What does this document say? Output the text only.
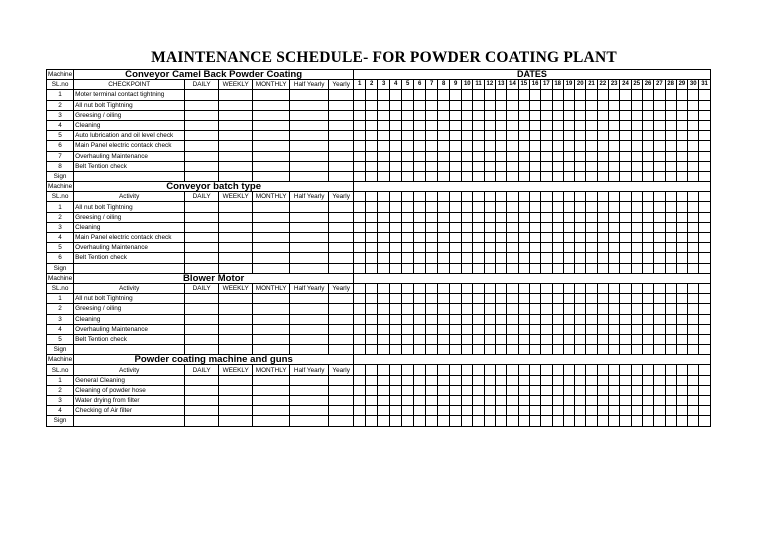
MAINTENANCE SCHEDULE- FOR POWDER COATING PLANT
Machine	Conveyor Camel Back Powder Coating						DATES																														
SL.no	CHECKPOINT	DAILY	WEEKLY	MONTHLY	Half Yearly	Yearly	1	2	3	4	5	6	7	8	9	10	11	12	13	14	15	16	17	18	19	20	21	22	23	24	25	26	27	28	29	30	31
1	Moter terminal contact tightning																																				
2	All nut bolt Tightning																																				
3	Greesing / oiling																																				
4	Cleaning																																				
5	Auto lubrication and oil level check																																				
6	Main Panel electric contack check																																				
7	Overhauling Maintenance																																				
8	Belt Tention check																																				
Sign																																					
Machine	Conveyor batch type																																				
SL.no	Activity	DAILY	WEEKLY	MONTHLY	Half Yearly	Yearly																															
1	All nut bolt Tightning																																				
2	Greesing / oiling																																				
3	Cleaning																																				
4	Main Panel electric contack check																																				
5	Overhauling Maintenance																																				
6	Belt Tention check																																				
Sign																																					
Machine	Blower Motor																																				
SL.no	Activity	DAILY	WEEKLY	MONTHLY	Half Yearly	Yearly																															
1	All nut bolt Tightning																																				
2	Greesing / oiling																																				
3	Cleaning																																				
4	Overhauling Maintenance																																				
5	Belt Tention check																																				
Sign																																					
Machine	Powder coating machine and guns																																				
SL.no	Activity	DAILY	WEEKLY	MONTHLY	Half Yearly	Yearly																															
1	General Cleaning																																				
2	Cleaning of powder hose																																				
3	Water drying from filter																																				
4	Checking of Air filter																																				
Sign																																					
